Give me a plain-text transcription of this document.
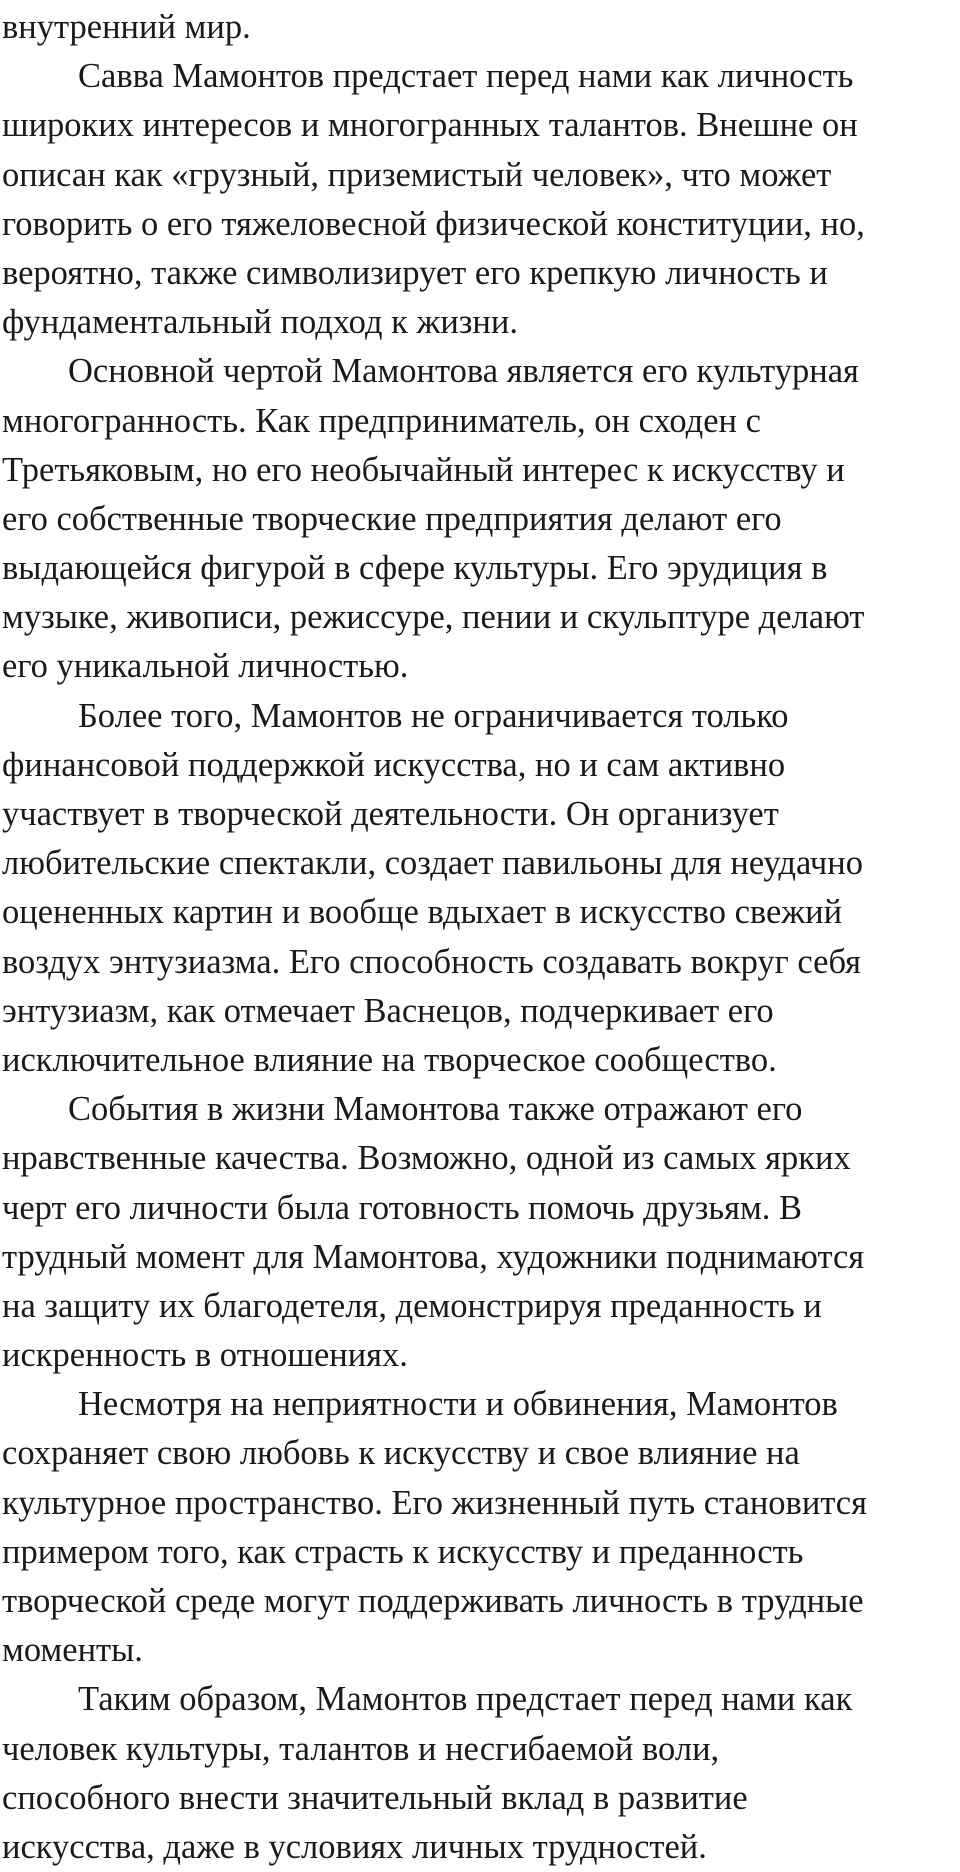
внутренний мир.
Савва Мамонтов предстает перед нами как личность
широких интересов и многогранных талантов. Внешне он
описан как «грузный, приземистый человек», что может
говорить о его тяжеловесной физической конституции, но,
вероятно, также символизирует его крепкую личность и
фундаментальный подход к жизни.
Основной чертой Мамонтова является его культурная
многогранность. Как предприниматель, он сходен с
Третьяковым, но его необычайный интерес к искусству и
его собственные творческие предприятия делают его
выдающейся фигурой в сфере культуры. Его эрудиция в
музыке, живописи, режиссуре, пении и скульптуре делают
его уникальной личностью.
Более того, Мамонтов не ограничивается только
финансовой поддержкой искусства, но и сам активно
участвует в творческой деятельности. Он организует
любительские спектакли, создает павильоны для неудачно
оцененных картин и вообще вдыхает в искусство свежий
воздух энтузиазма. Его способность создавать вокруг себя
энтузиазм, как отмечает Васнецов, подчеркивает его
исключительное влияние на творческое сообщество.
События в жизни Мамонтова также отражают его
нравственные качества. Возможно, одной из самых ярких
черт его личности была готовность помочь друзьям. В
трудный момент для Мамонтова, художники поднимаются
на защиту их благодетеля, демонстрируя преданность и
искренность в отношениях.
Несмотря на неприятности и обвинения, Мамонтов
сохраняет свою любовь к искусству и свое влияние на
культурное пространство. Его жизненный путь становится
примером того, как страсть к искусству и преданность
творческой среде могут поддерживать личность в трудные
моменты.
Таким образом, Мамонтов предстает перед нами как
человек культуры, талантов и несгибаемой воли,
способного внести значительный вклад в развитие
искусства, даже в условиях личных трудностей.
